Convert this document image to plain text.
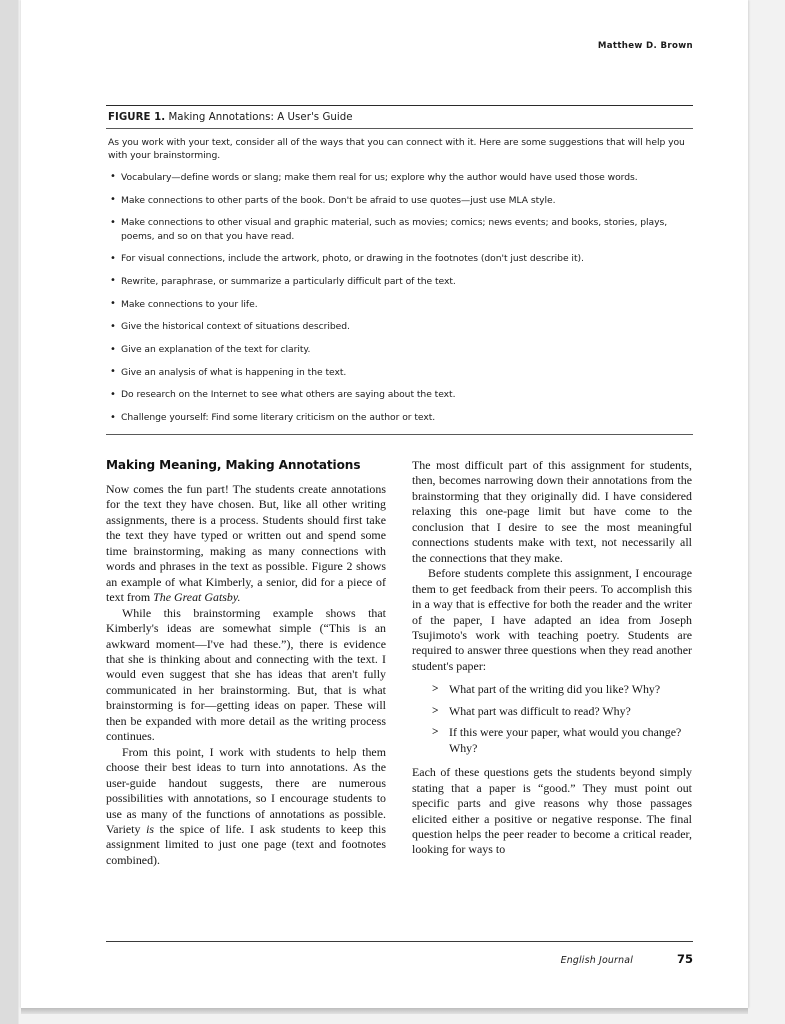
Matthew D. Brown
FIGURE 1. Making Annotations: A User's Guide

As you work with your text, consider all of the ways that you can connect with it. Here are some suggestions that will help you with your brainstorming.

• Vocabulary—define words or slang; make them real for us; explore why the author would have used those words.
• Make connections to other parts of the book. Don't be afraid to use quotes—just use MLA style.
• Make connections to other visual and graphic material, such as movies; comics; news events; and books, stories, plays, poems, and so on that you have read.
• For visual connections, include the artwork, photo, or drawing in the footnotes (don't just describe it).
• Rewrite, paraphrase, or summarize a particularly difficult part of the text.
• Make connections to your life.
• Give the historical context of situations described.
• Give an explanation of the text for clarity.
• Give an analysis of what is happening in the text.
• Do research on the Internet to see what others are saying about the text.
• Challenge yourself: Find some literary criticism on the author or text.
Making Meaning, Making Annotations

Now comes the fun part! The students create annotations for the text they have chosen. But, like all other writing assignments, there is a process. Students should first take the text they have typed or written out and spend some time brainstorming, making as many connections with words and phrases in the text as possible. Figure 2 shows an example of what Kimberly, a senior, did for a piece of text from The Great Gatsby.

While this brainstorming example shows that Kimberly's ideas are somewhat simple (“This is an awkward moment—I've had these.”), there is evidence that she is thinking about and connecting with the text. I would even suggest that she has ideas that aren't fully communicated in her brainstorming. But, that is what brainstorming is for—getting ideas on paper. These will then be expanded with more detail as the writing process continues.

From this point, I work with students to help them choose their best ideas to turn into annotations. As the user-guide handout suggests, there are numerous possibilities with annotations, so I encourage students to use as many of the functions of annotations as possible. Variety is the spice of life. I ask students to keep this assignment limited to just one page (text and footnotes combined).

The most difficult part of this assignment for students, then, becomes narrowing down their annotations from the brainstorming that they originally did. I have considered relaxing this one-page limit but have come to the conclusion that I desire to see the most meaningful connections students make with text, not necessarily all the connections that they make.

Before students complete this assignment, I encourage them to get feedback from their peers. To accomplish this in a way that is effective for both the reader and the writer of the paper, I have adapted an idea from Joseph Tsujimoto's work with teaching poetry. Students are required to answer three questions when they read another student's paper:

> What part of the writing did you like? Why?
> What part was difficult to read? Why?
> If this were your paper, what would you change? Why?

Each of these questions gets the students beyond simply stating that a paper is “good.” They must point out specific parts and give reasons why those passages elicited either a positive or negative response. The final question helps the peer reader to become a critical reader, looking for ways to

English Journal	75
